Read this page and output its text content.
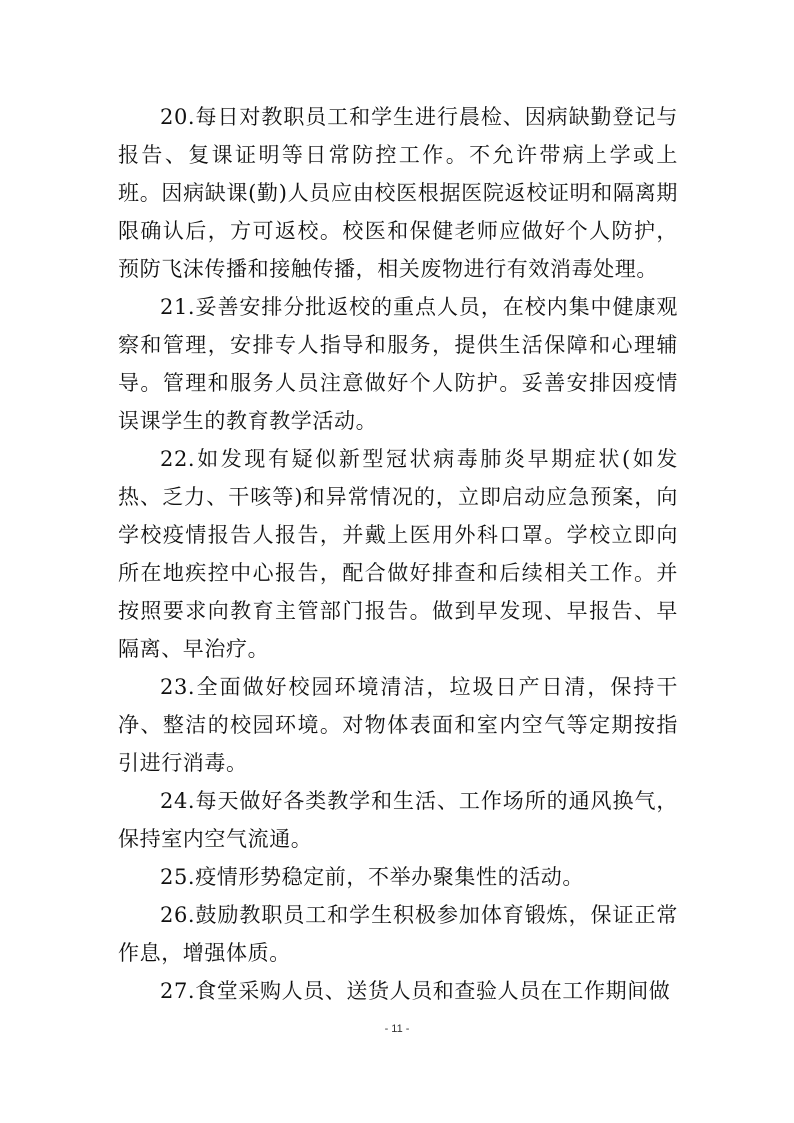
20.每日对教职员工和学生进行晨检、因病缺勤登记与报告、复课证明等日常防控工作。不允许带病上学或上班。因病缺课(勤)人员应由校医根据医院返校证明和隔离期限确认后，方可返校。校医和保健老师应做好个人防护，预防飞沫传播和接触传播，相关废物进行有效消毒处理。

21.妥善安排分批返校的重点人员，在校内集中健康观察和管理，安排专人指导和服务，提供生活保障和心理辅导。管理和服务人员注意做好个人防护。妥善安排因疫情误课学生的教育教学活动。

22.如发现有疑似新型冠状病毒肺炎早期症状(如发热、乏力、干咳等)和异常情况的，立即启动应急预案，向学校疫情报告人报告，并戴上医用外科口罩。学校立即向所在地疾控中心报告，配合做好排查和后续相关工作。并按照要求向教育主管部门报告。做到早发现、早报告、早隔离、早治疗。

23.全面做好校园环境清洁，垃圾日产日清，保持干净、整洁的校园环境。对物体表面和室内空气等定期按指引进行消毒。

24.每天做好各类教学和生活、工作场所的通风换气，保持室内空气流通。

25.疫情形势稳定前，不举办聚集性的活动。

26.鼓励教职员工和学生积极参加体育锻炼，保证正常作息，增强体质。

27.食堂采购人员、送货人员和查验人员在工作期间做

- 11 -
